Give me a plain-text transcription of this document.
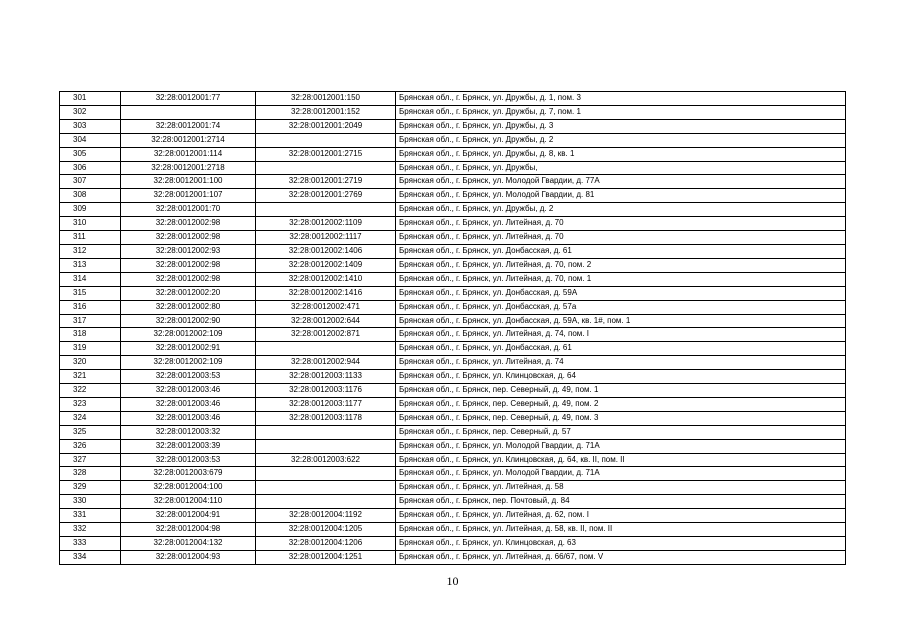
301	32:28:0012001:77	32:28:0012001:150	Брянская обл., г. Брянск, ул. Дружбы, д. 1, пом. 3
302		32:28:0012001:152	Брянская обл., г. Брянск, ул. Дружбы, д. 7, пом. 1
303	32:28:0012001:74	32:28:0012001:2049	Брянская обл., г. Брянск, ул. Дружбы, д. 3
304	32:28:0012001:2714		Брянская обл., г. Брянск, ул. Дружбы, д. 2
305	32:28:0012001:114	32:28:0012001:2715	Брянская обл., г. Брянск, ул. Дружбы, д. 8, кв. 1
306	32:28:0012001:2718		Брянская обл., г. Брянск, ул. Дружбы,
307	32:28:0012001:100	32:28:0012001:2719	Брянская обл., г. Брянск, ул. Молодой Гвардии, д. 77А
308	32:28:0012001:107	32:28:0012001:2769	Брянская обл., г. Брянск, ул. Молодой Гвардии, д. 81
309	32:28:0012001:70		Брянская обл., г. Брянск, ул. Дружбы, д. 2
310	32:28:0012002:98	32:28:0012002:1109	Брянская обл., г. Брянск, ул. Литейная, д. 70
311	32:28:0012002:98	32:28:0012002:1117	Брянская обл., г. Брянск, ул. Литейная, д. 70
312	32:28:0012002:93	32:28:0012002:1406	Брянская обл., г. Брянск, ул. Донбасская, д. 61
313	32:28:0012002:98	32:28:0012002:1409	Брянская обл., г. Брянск, ул. Литейная, д. 70, пом. 2
314	32:28:0012002:98	32:28:0012002:1410	Брянская обл., г. Брянск, ул. Литейная, д. 70, пом. 1
315	32:28:0012002:20	32:28:0012002:1416	Брянская обл., г. Брянск, ул. Донбасская, д. 59А
316	32:28:0012002:80	32:28:0012002:471	Брянская обл., г. Брянск, ул. Донбасская, д. 57а
317	32:28:0012002:90	32:28:0012002:644	Брянская обл., г. Брянск, ул. Донбасская, д. 59А, кв. 1#, пом. 1
318	32:28:0012002:109	32:28:0012002:871	Брянская обл., г. Брянск, ул. Литейная, д. 74, пом. I
319	32:28:0012002:91		Брянская обл., г. Брянск, ул. Донбасская, д. 61
320	32:28:0012002:109	32:28:0012002:944	Брянская обл., г. Брянск, ул. Литейная, д. 74
321	32:28:0012003:53	32:28:0012003:1133	Брянская обл., г. Брянск, ул. Клинцовская, д. 64
322	32:28:0012003:46	32:28:0012003:1176	Брянская обл., г. Брянск, пер. Северный, д. 49, пом. 1
323	32:28:0012003:46	32:28:0012003:1177	Брянская обл., г. Брянск, пер. Северный, д. 49, пом. 2
324	32:28:0012003:46	32:28:0012003:1178	Брянская обл., г. Брянск, пер. Северный, д. 49, пом. 3
325	32:28:0012003:32		Брянская обл., г. Брянск, пер. Северный, д. 57
326	32:28:0012003:39		Брянская обл., г. Брянск, ул. Молодой Гвардии, д. 71А
327	32:28:0012003:53	32:28:0012003:622	Брянская обл., г. Брянск, ул. Клинцовская, д. 64, кв. II, пом. II
328	32:28:0012003:679		Брянская обл., г. Брянск, ул. Молодой Гвардии, д. 71А
329	32:28:0012004:100		Брянская обл., г. Брянск, ул. Литейная, д. 58
330	32:28:0012004:110		Брянская обл., г. Брянск, пер. Почтовый, д. 84
331	32:28:0012004:91	32:28:0012004:1192	Брянская обл., г. Брянск, ул. Литейная, д. 62, пом. I
332	32:28:0012004:98	32:28:0012004:1205	Брянская обл., г. Брянск, ул. Литейная, д. 58, кв. II, пом. II
333	32:28:0012004:132	32:28:0012004:1206	Брянская обл., г. Брянск, ул. Клинцовская, д. 63
334	32:28:0012004:93	32:28:0012004:1251	Брянская обл., г. Брянск, ул. Литейная, д. 66/67, пом. V
10
